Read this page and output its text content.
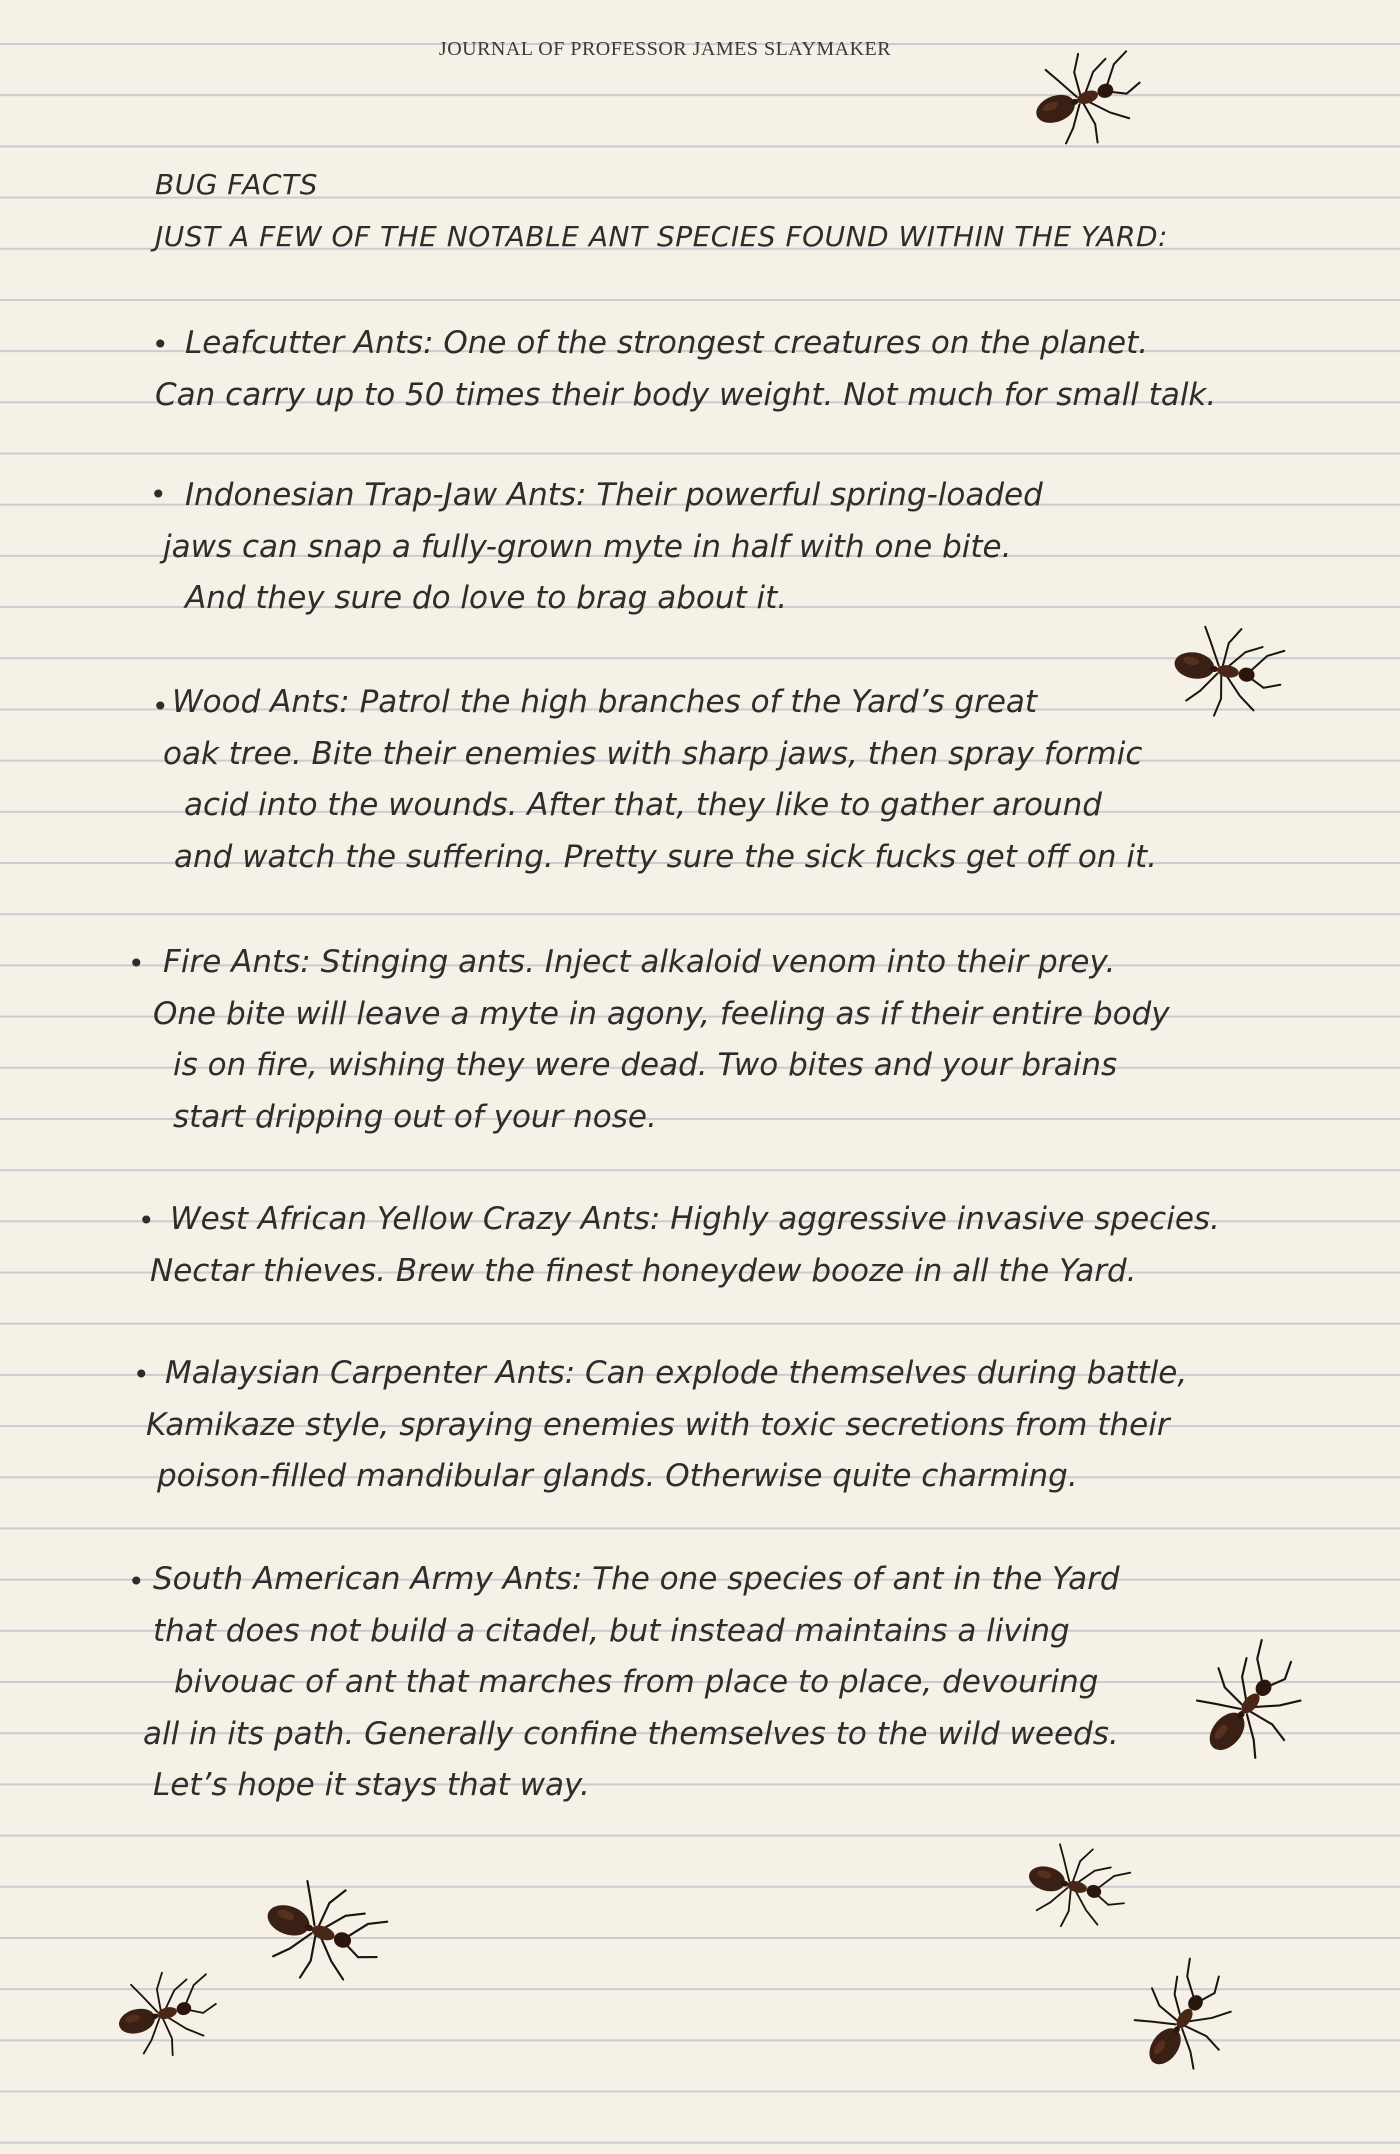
JOURNAL OF PROFESSOR JAMES SLAYMAKER
BUG FACTS
JUST A FEW OF THE NOTABLE ANT SPECIES FOUND WITHIN THE YARD:
• Leafcutter Ants: One of the strongest creatures on the planet.
Can carry up to 50 times their body weight. Not much for small talk.
• Indonesian Trap-Jaw Ants: Their powerful spring-loaded
jaws can snap a fully-grown myte in half with one bite.
And they sure do love to brag about it.
• Wood Ants: Patrol the high branches of the Yard’s great
oak tree. Bite their enemies with sharp jaws, then spray formic
acid into the wounds. After that, they like to gather around
and watch the suffering. Pretty sure the sick fucks get off on it.
• Fire Ants: Stinging ants. Inject alkaloid venom into their prey.
One bite will leave a myte in agony, feeling as if their entire body
is on fire, wishing they were dead. Two bites and your brains
start dripping out of your nose.
• West African Yellow Crazy Ants: Highly aggressive invasive species.
Nectar thieves. Brew the finest honeydew booze in all the Yard.
• Malaysian Carpenter Ants: Can explode themselves during battle,
Kamikaze style, spraying enemies with toxic secretions from their
poison-filled mandibular glands. Otherwise quite charming.
• South American Army Ants: The one species of ant in the Yard
that does not build a citadel, but instead maintains a living
bivouac of ant that marches from place to place, devouring
all in its path. Generally confine themselves to the wild weeds.
Let’s hope it stays that way.
